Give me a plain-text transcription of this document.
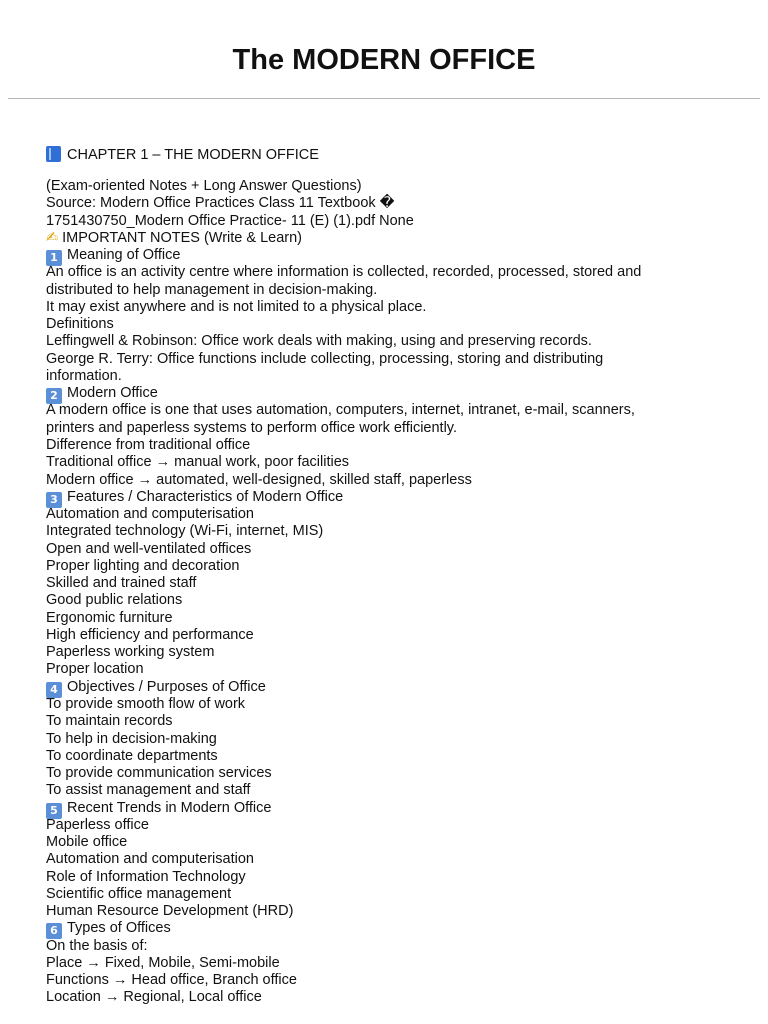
The MODERN OFFICE
CHAPTER 1 – THE MODERN OFFICE
(Exam-oriented Notes + Long Answer Questions)
Source: Modern Office Practices Class 11 Textbook �
1751430750_Modern Office Practice- 11 (E) (1).pdf None
✍ IMPORTANT NOTES (Write & Learn)
1 Meaning of Office
An office is an activity centre where information is collected, recorded, processed, stored and
distributed to help management in decision-making.
It may exist anywhere and is not limited to a physical place.
Definitions
Leffingwell & Robinson: Office work deals with making, using and preserving records.
George R. Terry: Office functions include collecting, processing, storing and distributing
information.
2 Modern Office
A modern office is one that uses automation, computers, internet, intranet, e-mail, scanners,
printers and paperless systems to perform office work efficiently.
Difference from traditional office
Traditional office → manual work, poor facilities
Modern office → automated, well-designed, skilled staff, paperless
3 Features / Characteristics of Modern Office
Automation and computerisation
Integrated technology (Wi-Fi, internet, MIS)
Open and well-ventilated offices
Proper lighting and decoration
Skilled and trained staff
Good public relations
Ergonomic furniture
High efficiency and performance
Paperless working system
Proper location
4 Objectives / Purposes of Office
To provide smooth flow of work
To maintain records
To help in decision-making
To coordinate departments
To provide communication services
To assist management and staff
5 Recent Trends in Modern Office
Paperless office
Mobile office
Automation and computerisation
Role of Information Technology
Scientific office management
Human Resource Development (HRD)
6 Types of Offices
On the basis of:
Place → Fixed, Mobile, Semi-mobile
Functions → Head office, Branch office
Location → Regional, Local office
